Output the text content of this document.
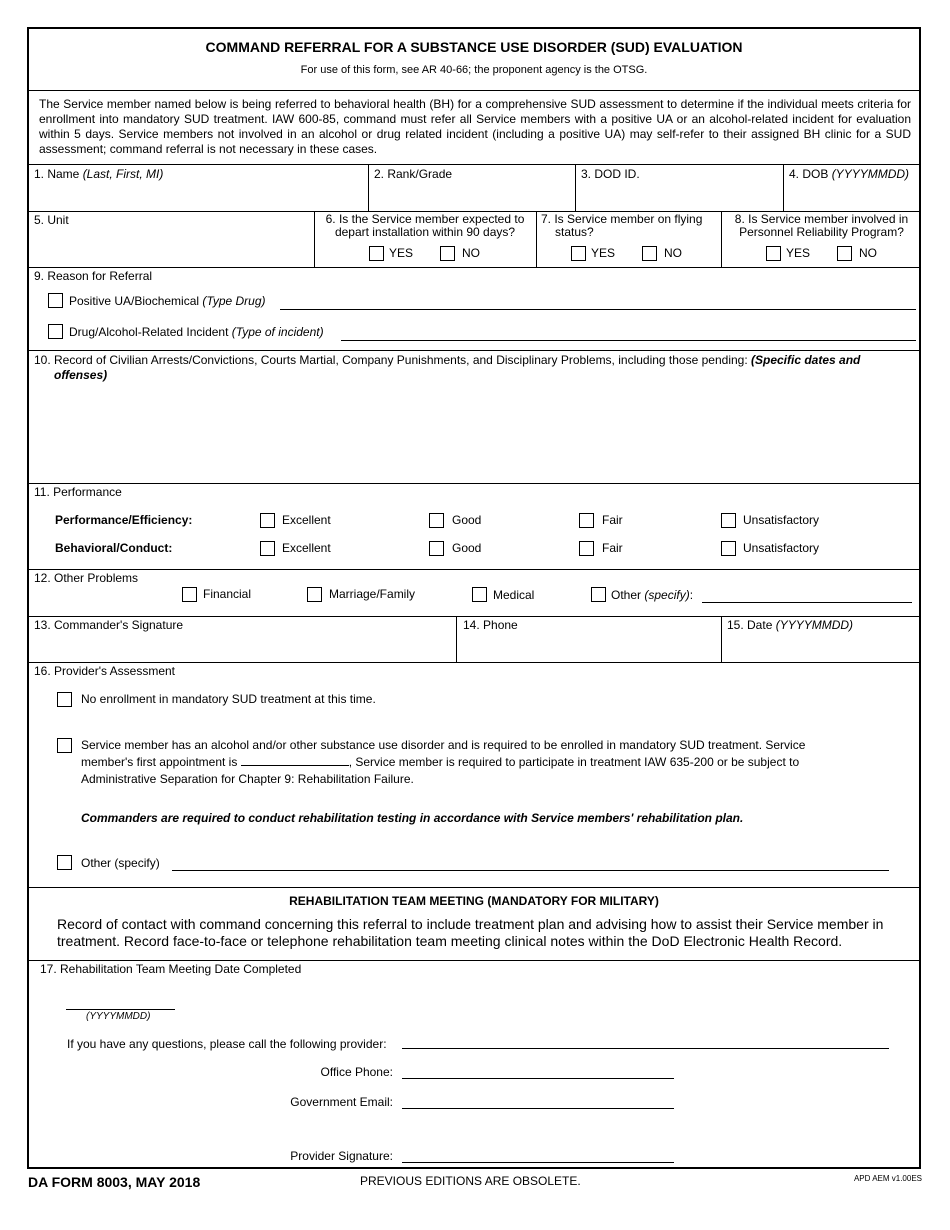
COMMAND REFERRAL FOR A SUBSTANCE USE DISORDER (SUD) EVALUATION
For use of this form, see AR 40-66; the proponent agency is the OTSG.
The Service member named below is being referred to behavioral health (BH) for a comprehensive SUD assessment to determine if the individual meets criteria for enrollment into mandatory SUD treatment. IAW 600-85, command must refer all Service members with a positive UA or an alcohol-related incident for evaluation within 5 days. Service members not involved in an alcohol or drug related incident (including a positive UA) may self-refer to their assigned BH clinic for a SUD assessment; command referral is not necessary in these cases.
1. Name (Last, First, MI)	2. Rank/Grade	3. DOD ID.	4. DOB (YYYYMMDD)
5. Unit	6. Is the Service member expected to
depart installation within 90 days?
YES	NO
7. Is Service member on flying
status?
YES	NO
8. Is Service member involved in
Personnel Reliability Program?
YES	NO
9. Reason for Referral
Positive UA/Biochemical (Type Drug)
Drug/Alcohol-Related Incident (Type of incident)
10. Record of Civilian Arrests/Convictions, Courts Martial, Company Punishments, and Disciplinary Problems, including those pending: (Specific dates and
offenses)
11. Performance
Performance/Efficiency:	Excellent	Good	Fair	Unsatisfactory
Behavioral/Conduct:	Excellent	Good	Fair	Unsatisfactory
12. Other Problems
Financial	Marriage/Family	Medical	Other (specify):
13. Commander's Signature	14. Phone	15. Date (YYYYMMDD)
16. Provider's Assessment
No enrollment in mandatory SUD treatment at this time.
Service member has an alcohol and/or other substance use disorder and is required to be enrolled in mandatory SUD treatment. Service
member's first appointment is	, Service member is required to participate in treatment IAW 635-200 or be subject to
Administrative Separation for Chapter 9: Rehabilitation Failure.
Commanders are required to conduct rehabilitation testing in accordance with Service members' rehabilitation plan.
Other (specify)
REHABILITATION TEAM MEETING (MANDATORY FOR MILITARY)
Record of contact with command concerning this referral to include treatment plan and advising how to assist their Service member in treatment. Record face-to-face or telephone rehabilitation team meeting clinical notes within the DoD Electronic Health Record.
17. Rehabilitation Team Meeting Date Completed
(YYYYMMDD)
If you have any questions, please call the following provider:
Office Phone:
Government Email:
Provider Signature:
DA FORM 8003, MAY 2018	PREVIOUS EDITIONS ARE OBSOLETE.	APD AEM v1.00ES
